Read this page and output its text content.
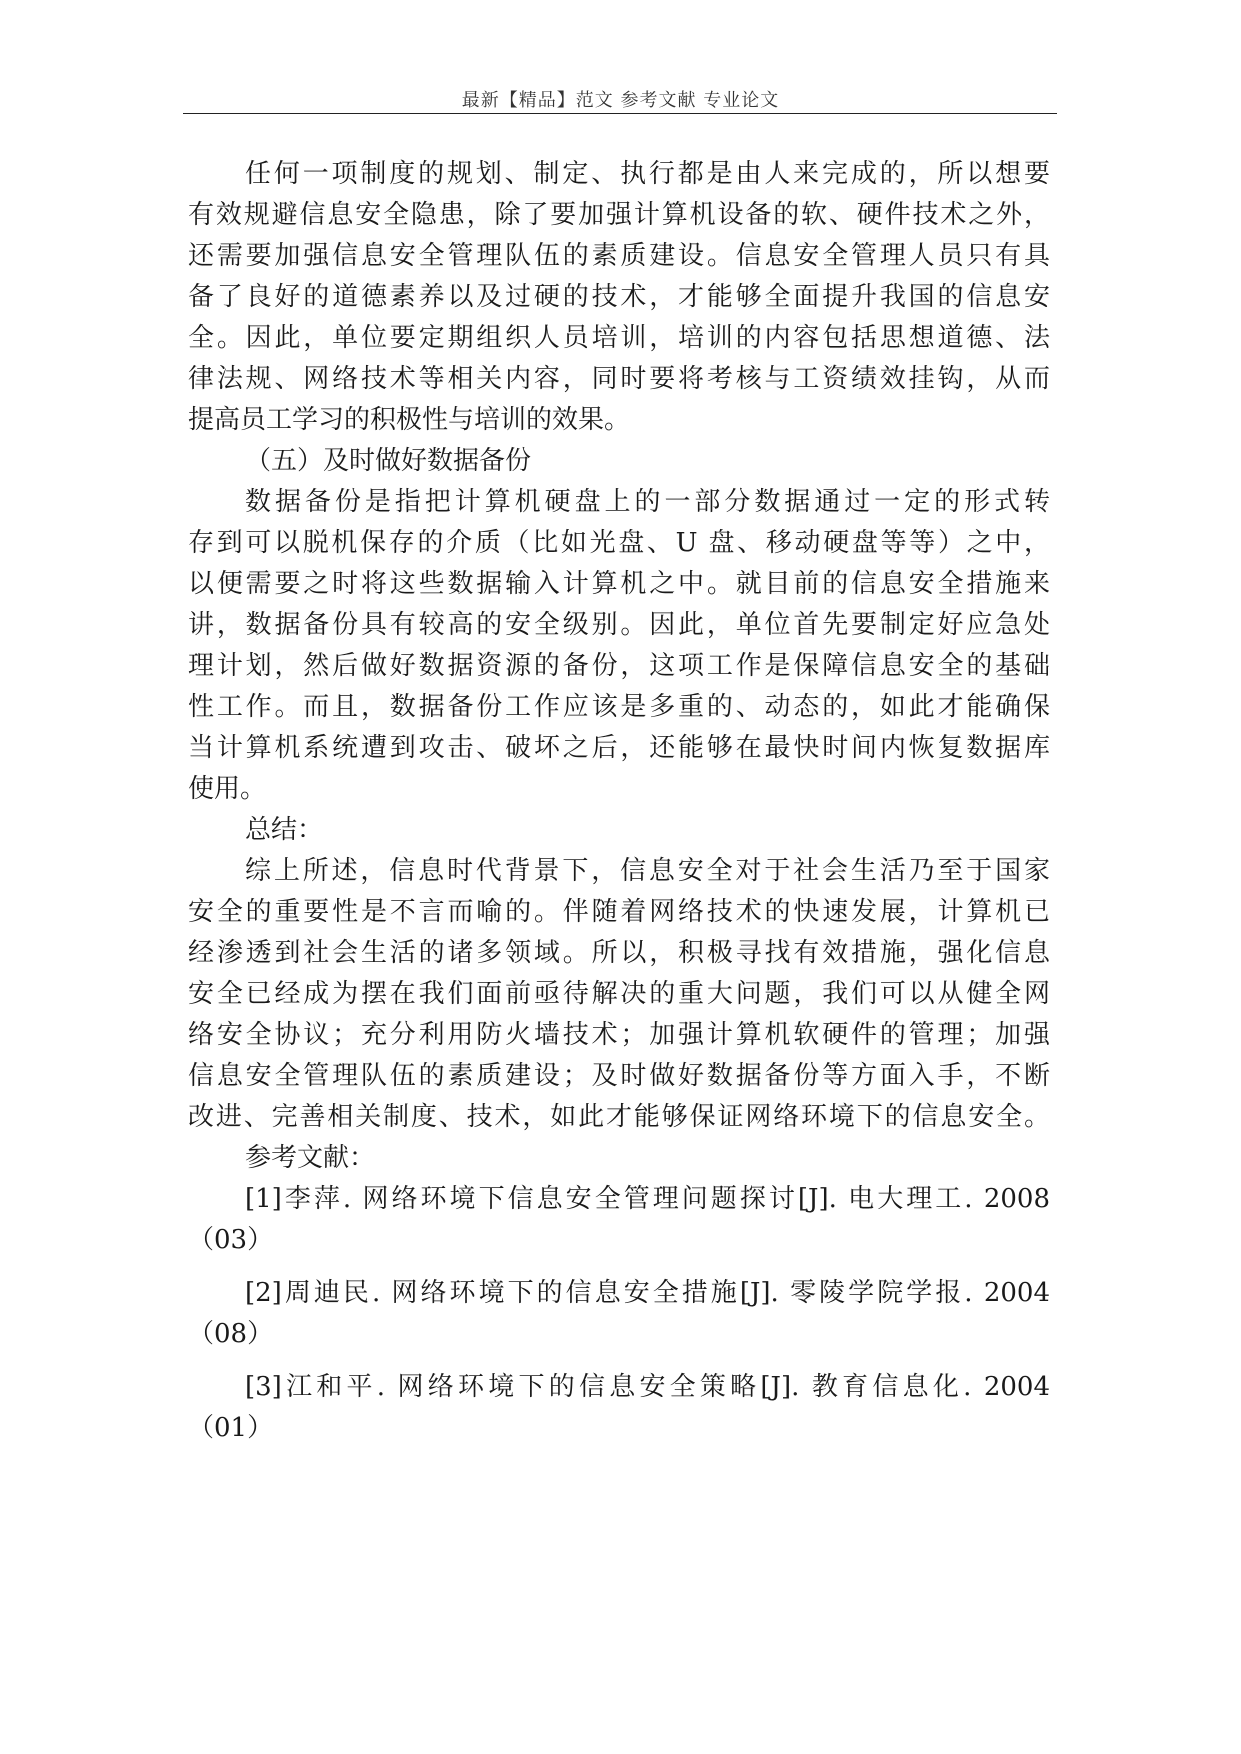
最新【精品】范文 参考文献 专业论文
任何一项制度的规划、制定、执行都是由人来完成的，所以想要
有效规避信息安全隐患，除了要加强计算机设备的软、硬件技术之外，
还需要加强信息安全管理队伍的素质建设。信息安全管理人员只有具
备了良好的道德素养以及过硬的技术，才能够全面提升我国的信息安
全。因此，单位要定期组织人员培训，培训的内容包括思想道德、法
律法规、网络技术等相关内容，同时要将考核与工资绩效挂钩，从而
提高员工学习的积极性与培训的效果。
（五）及时做好数据备份
数据备份是指把计算机硬盘上的一部分数据通过一定的形式转
存到可以脱机保存的介质（比如光盘、U 盘、移动硬盘等等）之中，
以便需要之时将这些数据输入计算机之中。就目前的信息安全措施来
讲，数据备份具有较高的安全级别。因此，单位首先要制定好应急处
理计划，然后做好数据资源的备份，这项工作是保障信息安全的基础
性工作。而且，数据备份工作应该是多重的、动态的，如此才能确保
当计算机系统遭到攻击、破坏之后，还能够在最快时间内恢复数据库
使用。
总结：
综上所述，信息时代背景下，信息安全对于社会生活乃至于国家
安全的重要性是不言而喻的。伴随着网络技术的快速发展，计算机已
经渗透到社会生活的诸多领域。所以，积极寻找有效措施，强化信息
安全已经成为摆在我们面前亟待解决的重大问题，我们可以从健全网
络安全协议；充分利用防火墙技术；加强计算机软硬件的管理；加强
信息安全管理队伍的素质建设；及时做好数据备份等方面入手，不断
改进、完善相关制度、技术，如此才能够保证网络环境下的信息安全。
参考文献：
[1]李萍. 网络环境下信息安全管理问题探讨[J]. 电大理工. 2008
（03）
[2]周迪民. 网络环境下的信息安全措施[J]. 零陵学院学报. 2004
（08）
[3]江和平. 网络环境下的信息安全策略[J]. 教育信息化. 2004
（01）
